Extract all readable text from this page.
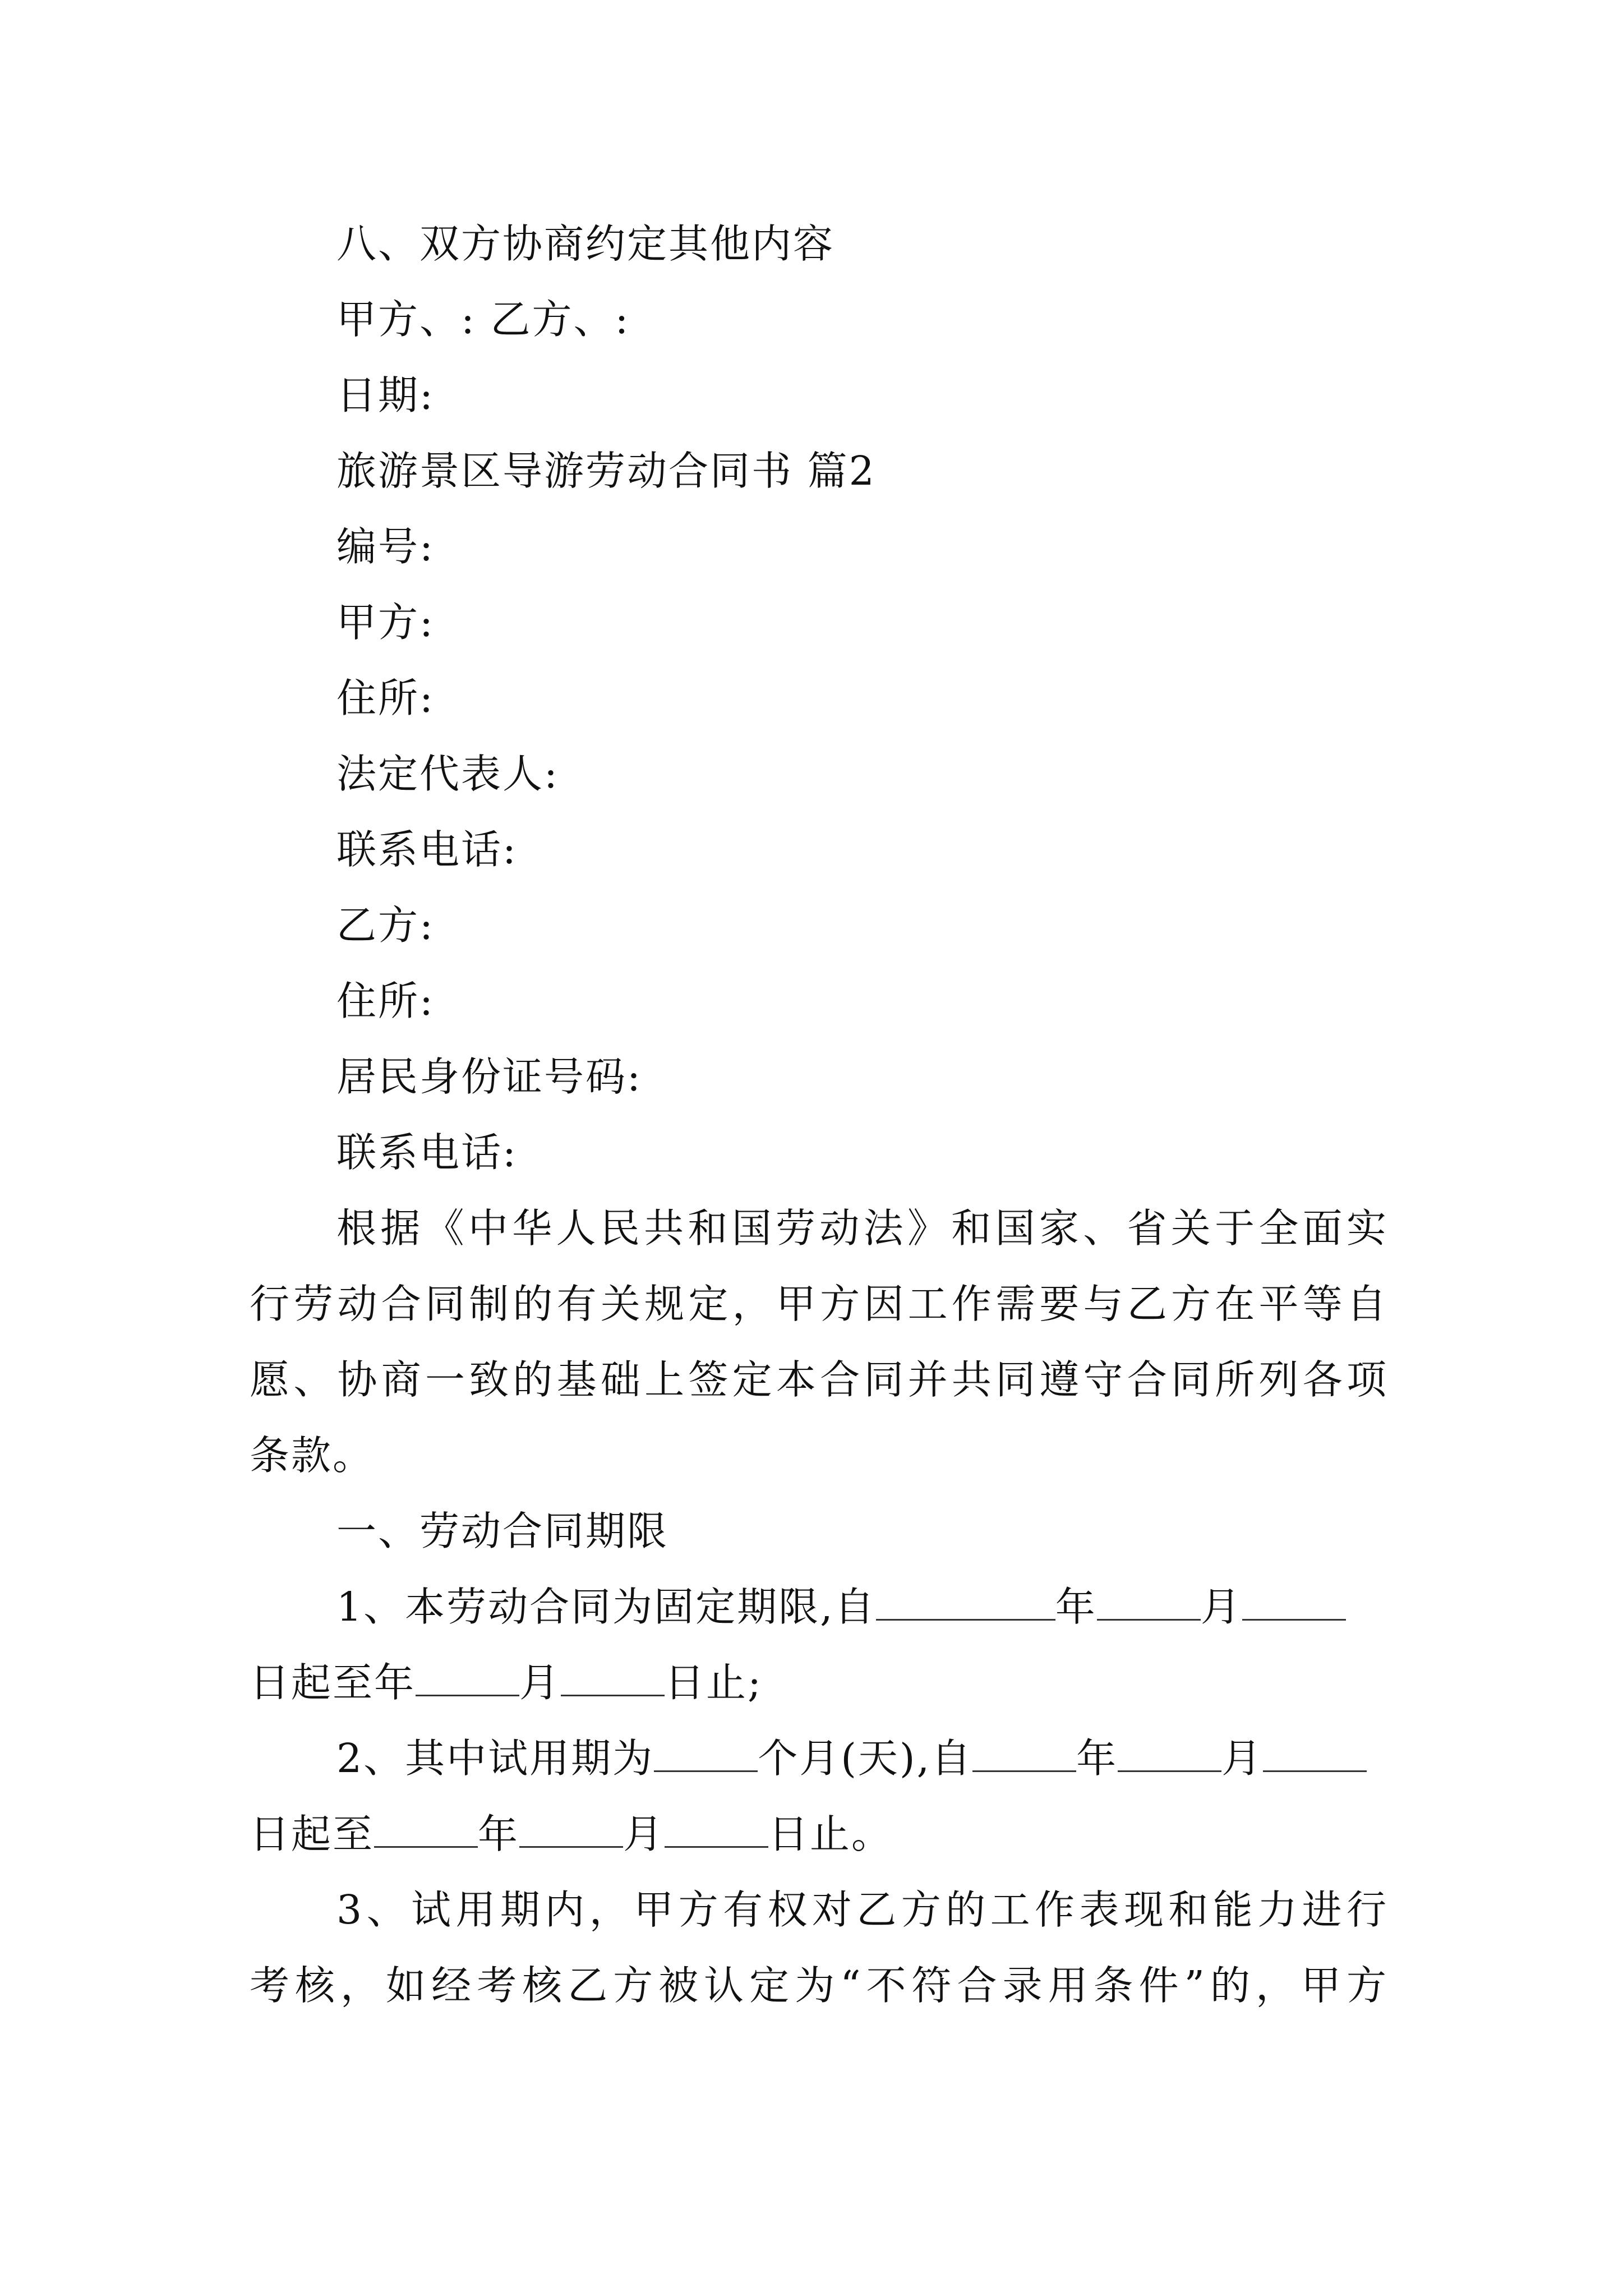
八、双方协商约定其他内容
甲方、: 乙方、:
日期:
旅游景区导游劳动合同书 篇2
编号:
甲方:
住所:
法定代表人:
联系电话:
乙方:
住所:
居民身份证号码:
联系电话:
根据《中华人民共和国劳动法》和国家、省关于全面实
行劳动合同制的有关规定，甲方因工作需要与乙方在平等自
愿、协商一致的基础上签定本合同并共同遵守合同所列各项
条款。
一、劳动合同期限
1、本劳动合同为固定期限,自	年	月
日起至年	月	日止;
2、其中试用期为	个月(天),自	年	月
日起至	年	月	日止。
3、试用期内，甲方有权对乙方的工作表现和能力进行
考核，如经考核乙方被认定为“不符合录用条件”的，甲方
